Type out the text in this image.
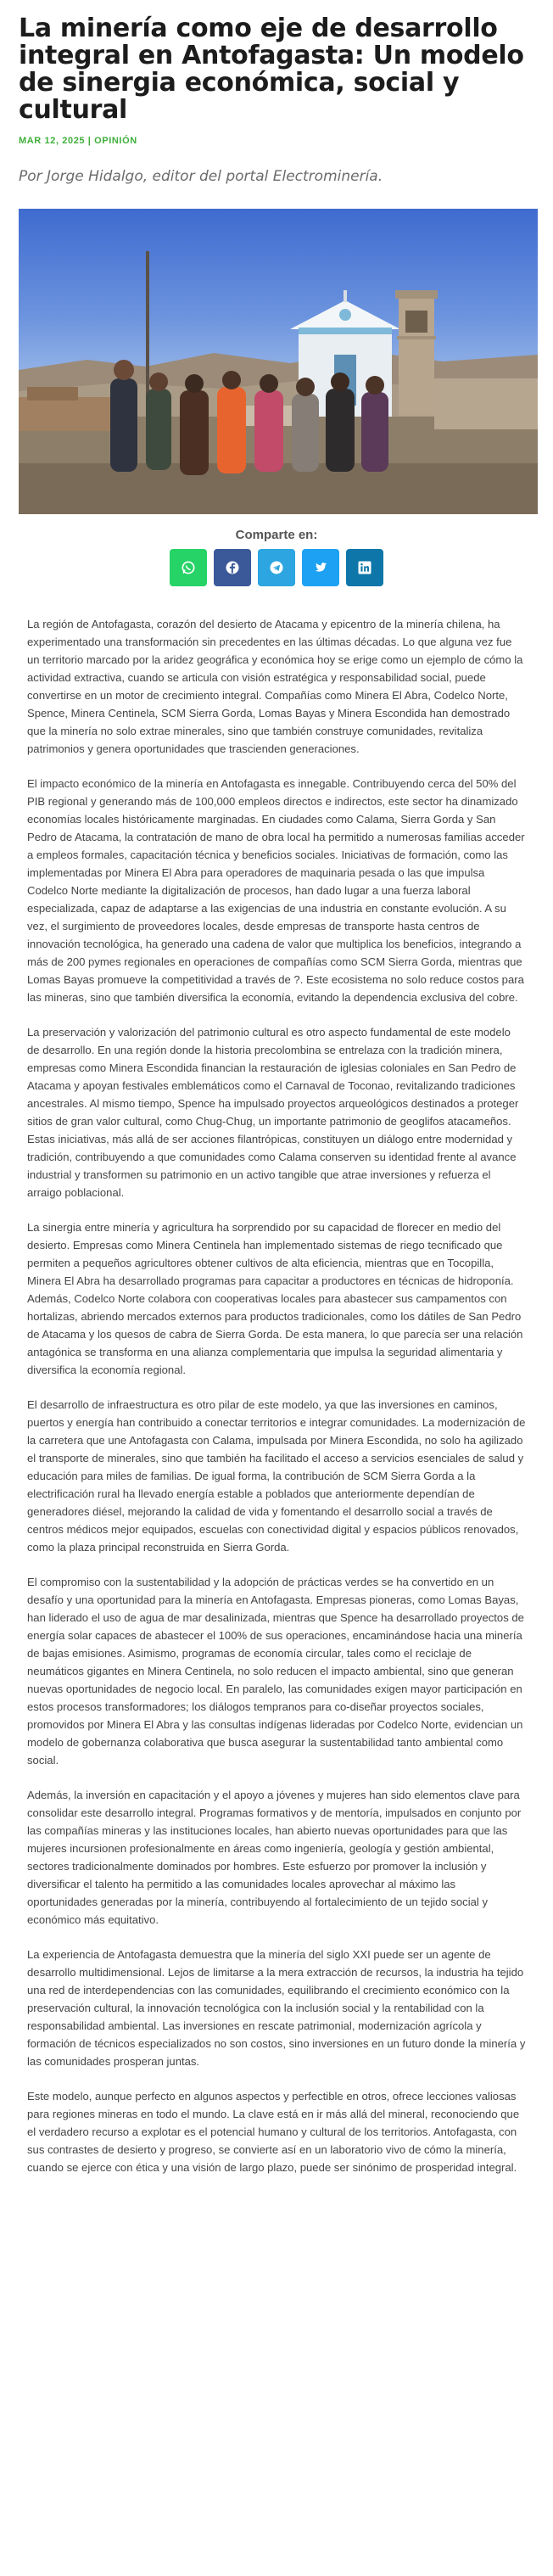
La minería como eje de desarrollo integral en Antofagasta: Un modelo de sinergia económica, social y cultural
MAR 12, 2025 | OPINIÓN
Por Jorge Hidalgo, editor del portal Electrominería.
Comparte en:

La región de Antofagasta, corazón del desierto de Atacama y epicentro de la minería chilena, ha experimentado una transformación sin precedentes en las últimas décadas. Lo que alguna vez fue un territorio marcado por la aridez geográfica y económica hoy se erige como un ejemplo de cómo la actividad extractiva, cuando se articula con visión estratégica y responsabilidad social, puede convertirse en un motor de crecimiento integral. Compañías como Minera El Abra, Codelco Norte, Spence, Minera Centinela, SCM Sierra Gorda, Lomas Bayas y Minera Escondida han demostrado que la minería no solo extrae minerales, sino que también construye comunidades, revitaliza patrimonios y genera oportunidades que trascienden generaciones.

El impacto económico de la minería en Antofagasta es innegable. Contribuyendo cerca del 50% del PIB regional y generando más de 100,000 empleos directos e indirectos, este sector ha dinamizado economías locales históricamente marginadas. En ciudades como Calama, Sierra Gorda y San Pedro de Atacama, la contratación de mano de obra local ha permitido a numerosas familias acceder a empleos formales, capacitación técnica y beneficios sociales. Iniciativas de formación, como las implementadas por Minera El Abra para operadores de maquinaria pesada o las que impulsa Codelco Norte mediante la digitalización de procesos, han dado lugar a una fuerza laboral especializada, capaz de adaptarse a las exigencias de una industria en constante evolución. A su vez, el surgimiento de proveedores locales, desde empresas de transporte hasta centros de innovación tecnológica, ha generado una cadena de valor que multiplica los beneficios, integrando a más de 200 pymes regionales en operaciones de compañías como SCM Sierra Gorda, mientras que Lomas Bayas promueve la competitividad a través de ?. Este ecosistema no solo reduce costos para las mineras, sino que también diversifica la economía, evitando la dependencia exclusiva del cobre.

La preservación y valorización del patrimonio cultural es otro aspecto fundamental de este modelo de desarrollo. En una región donde la historia precolombina se entrelaza con la tradición minera, empresas como Minera Escondida financian la restauración de iglesias coloniales en San Pedro de Atacama y apoyan festivales emblemáticos como el Carnaval de Toconao, revitalizando tradiciones ancestrales. Al mismo tiempo, Spence ha impulsado proyectos arqueológicos destinados a proteger sitios de gran valor cultural, como Chug-Chug, un importante patrimonio de geoglifos atacameños. Estas iniciativas, más allá de ser acciones filantrópicas, constituyen un diálogo entre modernidad y tradición, contribuyendo a que comunidades como Calama conserven su identidad frente al avance industrial y transformen su patrimonio en un activo tangible que atrae inversiones y refuerza el arraigo poblacional.

La sinergia entre minería y agricultura ha sorprendido por su capacidad de florecer en medio del desierto. Empresas como Minera Centinela han implementado sistemas de riego tecnificado que permiten a pequeños agricultores obtener cultivos de alta eficiencia, mientras que en Tocopilla, Minera El Abra ha desarrollado programas para capacitar a productores en técnicas de hidroponía. Además, Codelco Norte colabora con cooperativas locales para abastecer sus campamentos con hortalizas, abriendo mercados externos para productos tradicionales, como los dátiles de San Pedro de Atacama y los quesos de cabra de Sierra Gorda. De esta manera, lo que parecía ser una relación antagónica se transforma en una alianza complementaria que impulsa la seguridad alimentaria y diversifica la economía regional.

El desarrollo de infraestructura es otro pilar de este modelo, ya que las inversiones en caminos, puertos y energía han contribuido a conectar territorios e integrar comunidades. La modernización de la carretera que une Antofagasta con Calama, impulsada por Minera Escondida, no solo ha agilizado el transporte de minerales, sino que también ha facilitado el acceso a servicios esenciales de salud y educación para miles de familias. De igual forma, la contribución de SCM Sierra Gorda a la electrificación rural ha llevado energía estable a poblados que anteriormente dependían de generadores diésel, mejorando la calidad de vida y fomentando el desarrollo social a través de centros médicos mejor equipados, escuelas con conectividad digital y espacios públicos renovados, como la plaza principal reconstruida en Sierra Gorda.

El compromiso con la sustentabilidad y la adopción de prácticas verdes se ha convertido en un desafío y una oportunidad para la minería en Antofagasta. Empresas pioneras, como Lomas Bayas, han liderado el uso de agua de mar desalinizada, mientras que Spence ha desarrollado proyectos de energía solar capaces de abastecer el 100% de sus operaciones, encaminándose hacia una minería de bajas emisiones. Asimismo, programas de economía circular, tales como el reciclaje de neumáticos gigantes en Minera Centinela, no solo reducen el impacto ambiental, sino que generan nuevas oportunidades de negocio local. En paralelo, las comunidades exigen mayor participación en estos procesos transformadores; los diálogos tempranos para co-diseñar proyectos sociales, promovidos por Minera El Abra y las consultas indígenas lideradas por Codelco Norte, evidencian un modelo de gobernanza colaborativa que busca asegurar la sustentabilidad tanto ambiental como social.

Además, la inversión en capacitación y el apoyo a jóvenes y mujeres han sido elementos clave para consolidar este desarrollo integral. Programas formativos y de mentoría, impulsados en conjunto por las compañías mineras y las instituciones locales, han abierto nuevas oportunidades para que las mujeres incursionen profesionalmente en áreas como ingeniería, geología y gestión ambiental, sectores tradicionalmente dominados por hombres. Este esfuerzo por promover la inclusión y diversificar el talento ha permitido a las comunidades locales aprovechar al máximo las oportunidades generadas por la minería, contribuyendo al fortalecimiento de un tejido social y económico más equitativo.

La experiencia de Antofagasta demuestra que la minería del siglo XXI puede ser un agente de desarrollo multidimensional. Lejos de limitarse a la mera extracción de recursos, la industria ha tejido una red de interdependencias con las comunidades, equilibrando el crecimiento económico con la preservación cultural, la innovación tecnológica con la inclusión social y la rentabilidad con la responsabilidad ambiental. Las inversiones en rescate patrimonial, modernización agrícola y formación de técnicos especializados no son costos, sino inversiones en un futuro donde la minería y las comunidades prosperan juntas.

Este modelo, aunque perfecto en algunos aspectos y perfectible en otros, ofrece lecciones valiosas para regiones mineras en todo el mundo. La clave está en ir más allá del mineral, reconociendo que el verdadero recurso a explotar es el potencial humano y cultural de los territorios. Antofagasta, con sus contrastes de desierto y progreso, se convierte así en un laboratorio vivo de cómo la minería, cuando se ejerce con ética y una visión de largo plazo, puede ser sinónimo de prosperidad integral.
